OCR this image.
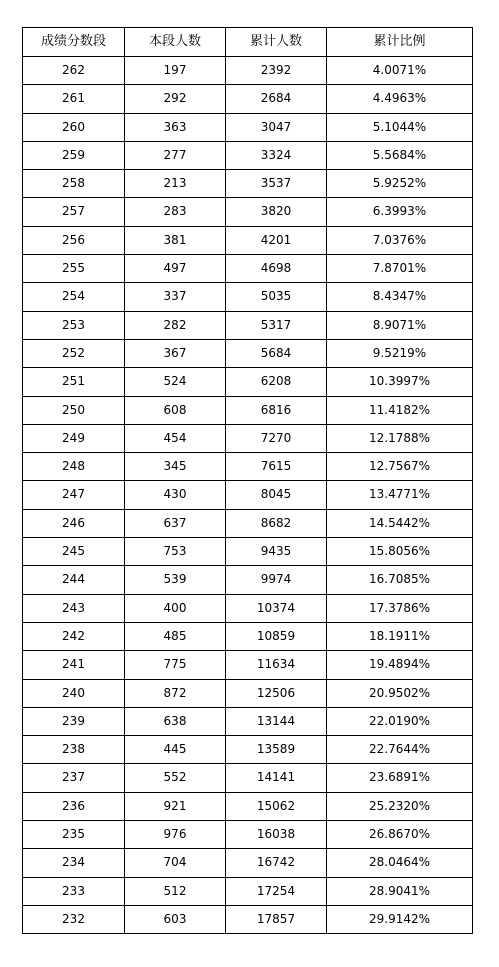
成绩分数段	本段人数	累计人数	累计比例
262	197	2392	4.0071%
261	292	2684	4.4963%
260	363	3047	5.1044%
259	277	3324	5.5684%
258	213	3537	5.9252%
257	283	3820	6.3993%
256	381	4201	7.0376%
255	497	4698	7.8701%
254	337	5035	8.4347%
253	282	5317	8.9071%
252	367	5684	9.5219%
251	524	6208	10.3997%
250	608	6816	11.4182%
249	454	7270	12.1788%
248	345	7615	12.7567%
247	430	8045	13.4771%
246	637	8682	14.5442%
245	753	9435	15.8056%
244	539	9974	16.7085%
243	400	10374	17.3786%
242	485	10859	18.1911%
241	775	11634	19.4894%
240	872	12506	20.9502%
239	638	13144	22.0190%
238	445	13589	22.7644%
237	552	14141	23.6891%
236	921	15062	25.2320%
235	976	16038	26.8670%
234	704	16742	28.0464%
233	512	17254	28.9041%
232	603	17857	29.9142%
